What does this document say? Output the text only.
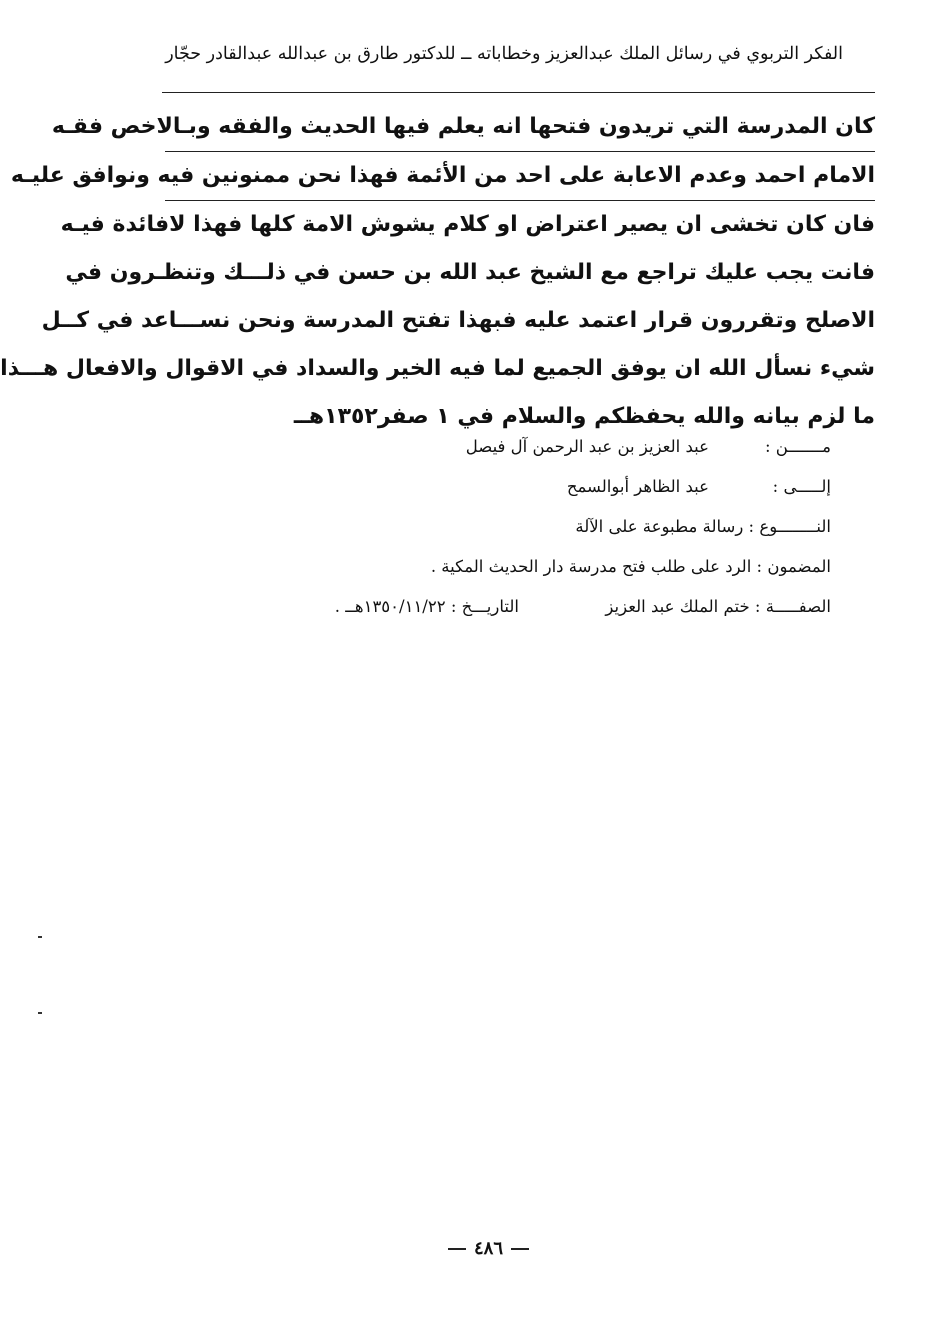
الفكر التربوي في رسائل الملك عبدالعزيز وخطاباته ــ للدكتور طارق بن عبدالله عبدالقادر حجّار
كان المدرسة التي تريدون فتحها انه يعلم فيها الحديث والفقه وبـالاخص فقـه
الامام احمد وعدم الاعابة على احد من الأئمة فهذا نحن ممنونين فيه ونوافق عليـه
فان كان تخشى ان يصير اعتراض او كلام يشوش الامة كلها فهذا لافائدة فيـه
فانت يجب عليك تراجع مع الشيخ عبد الله بن حسن في ذلـــك وتنظـرون في
الاصلح وتقررون قرار اعتمد عليه فبهذا تفتح المدرسة ونحن نســـاعد في كــل
شيء نسأل الله ان يوفق الجميع لما فيه الخير والسداد في الاقوال والافعال هـــذا
ما لزم بيانه والله يحفظكم والسلام في ١ صفر١٣٥٢هــ
مـــــــن :
عبد العزيز بن عبد الرحمن آل فيصل
إلـــــى :
عبد الظاهر أبوالسمح
النــــــــوع : رسالة مطبوعة على الآلة
المضمون : الرد على طلب فتح مدرسة دار الحديث المكية .
الصفـــــة : ختم الملك عبد العزيز
التاريـــخ : ١٣٥٠/١١/٢٢هــ .
٤٨٦
